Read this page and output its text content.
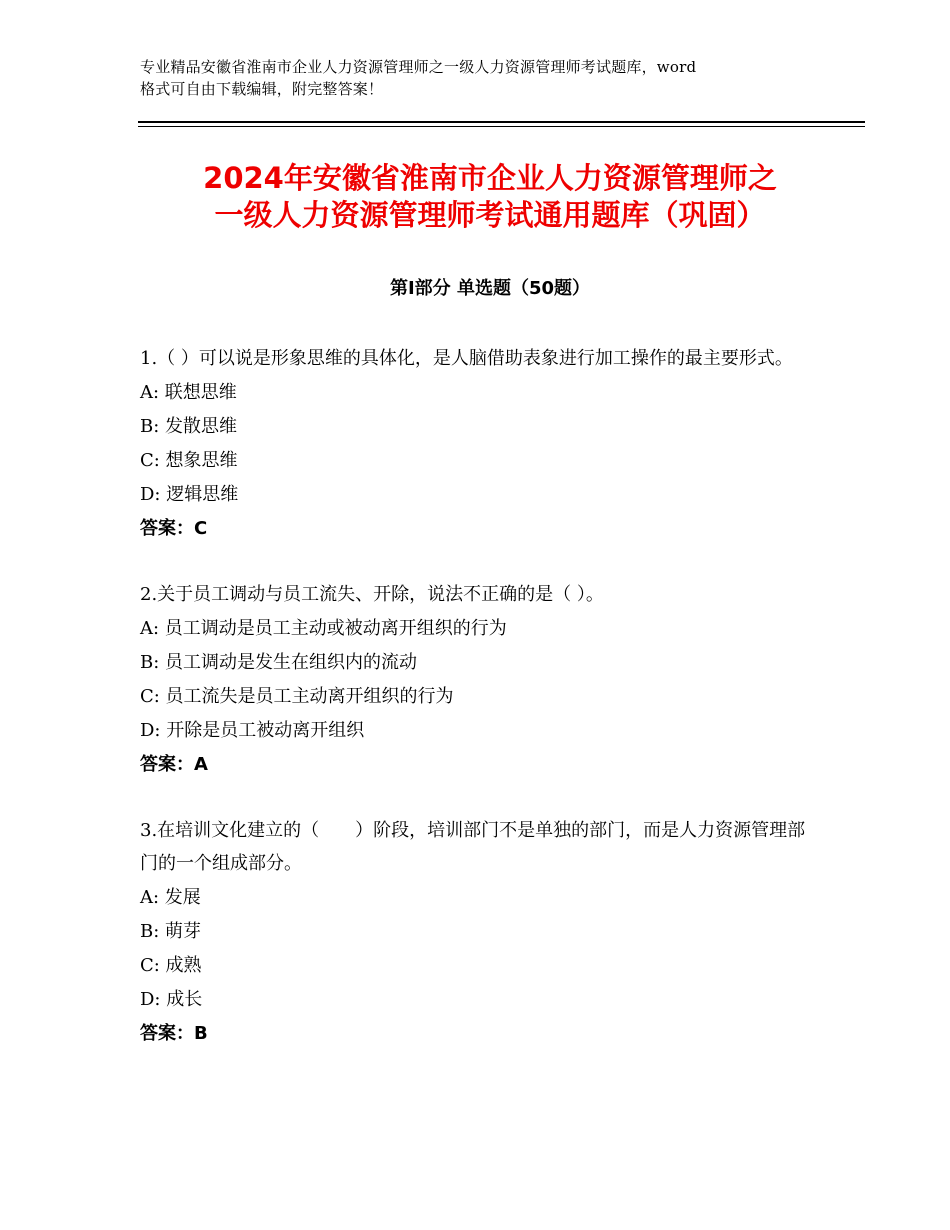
专业精品安徽省淮南市企业人力资源管理师之一级人力资源管理师考试题库，word
格式可自由下载编辑，附完整答案！
2024年安徽省淮南市企业人力资源管理师之
一级人力资源管理师考试通用题库（巩固）
第Ⅰ部分 单选题（50题）
1.（ ）可以说是形象思维的具体化，是人脑借助表象进行加工操作的最主要形式。
A: 联想思维
B: 发散思维
C: 想象思维
D: 逻辑思维
答案：C
2.关于员工调动与员工流失、开除，说法不正确的是（ ）。
A: 员工调动是员工主动或被动离开组织的行为
B: 员工调动是发生在组织内的流动
C: 员工流失是员工主动离开组织的行为
D: 开除是员工被动离开组织
答案：A
3.在培训文化建立的（　　）阶段，培训部门不是单独的部门，而是人力资源管理部门的一个组成部分。
A: 发展
B: 萌芽
C: 成熟
D: 成长
答案：B
